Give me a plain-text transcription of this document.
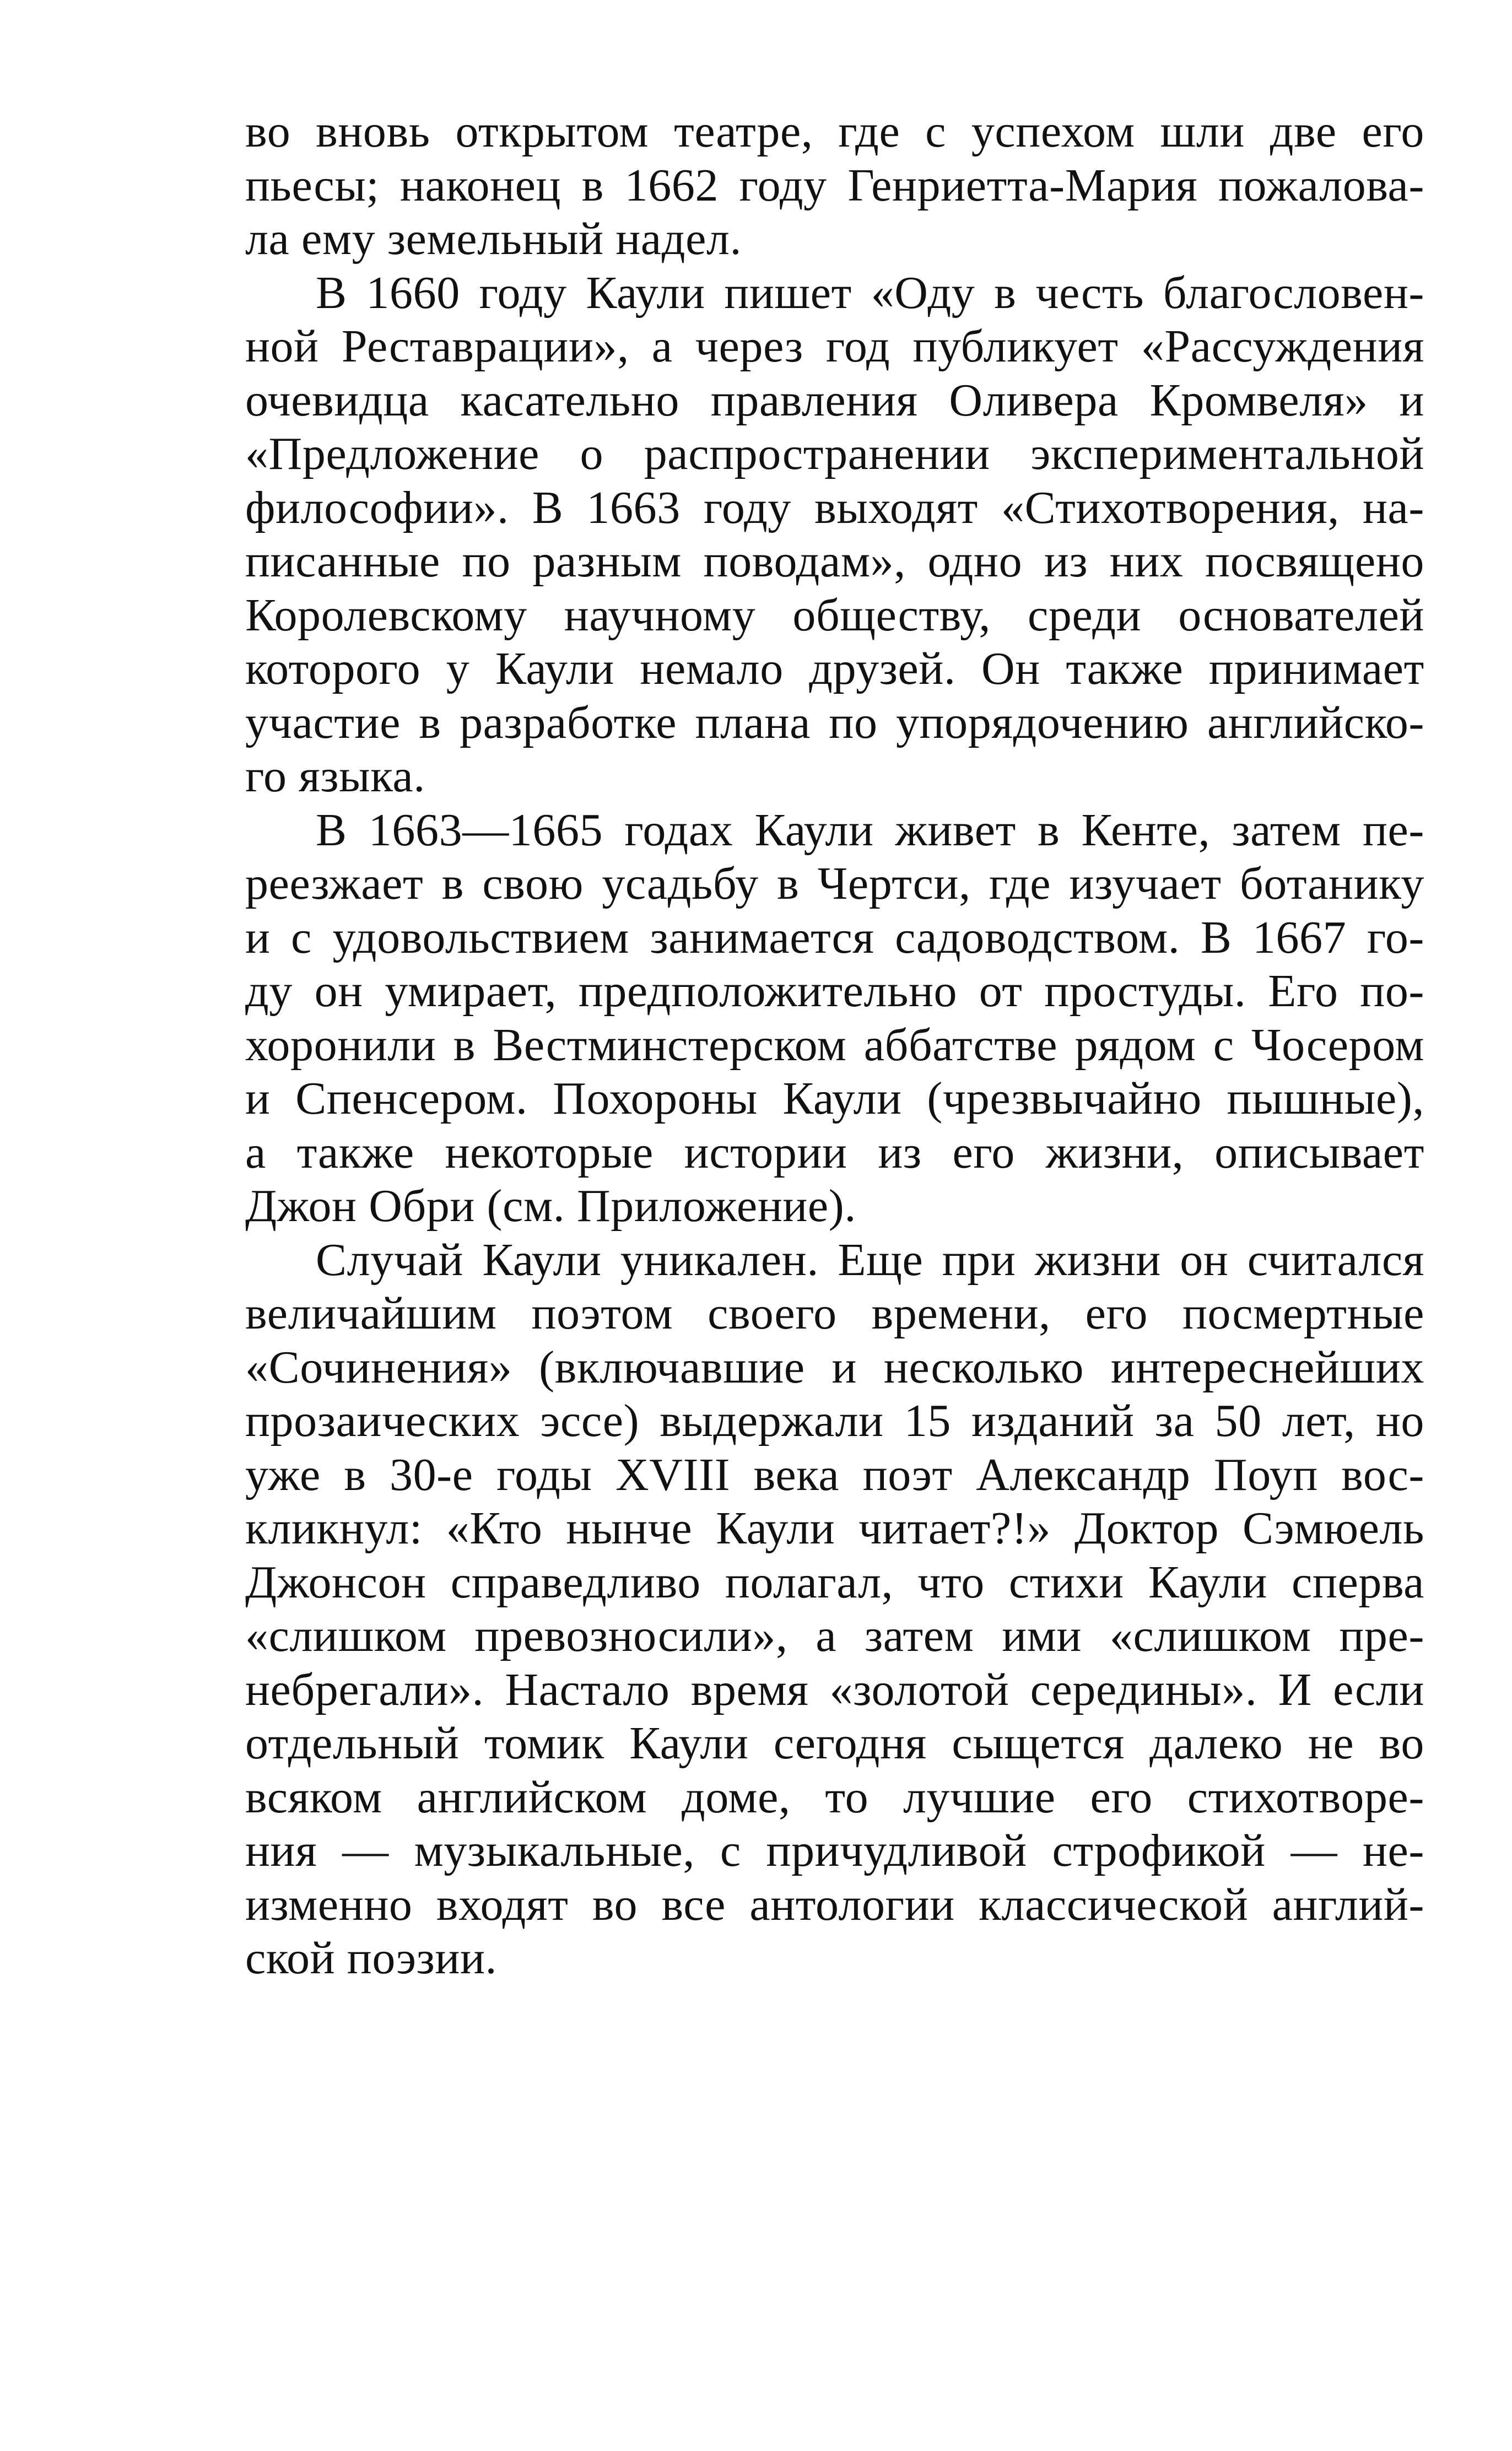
во вновь открытом театре, где с успехом шли две его
пьесы; наконец в 1662 году Генриетта-Мария пожалова-
ла ему земельный надел.
В 1660 году Каули пишет «Оду в честь благословен-
ной Реставрации», а через год публикует «Рассуждения
очевидца касательно правления Оливера Кромвеля» и
«Предложение о распространении экспериментальной
философии». В 1663 году выходят «Стихотворения, на-
писанные по разным поводам», одно из них посвящено
Королевскому научному обществу, среди основателей
которого у Каули немало друзей. Он также принимает
участие в разработке плана по упорядочению английско-
го языка.
В 1663—1665 годах Каули живет в Кенте, затем пе-
реезжает в свою усадьбу в Чертси, где изучает ботанику
и с удовольствием занимается садоводством. В 1667 го-
ду он умирает, предположительно от простуды. Его по-
хоронили в Вестминстерском аббатстве рядом с Чосером
и Спенсером. Похороны Каули (чрезвычайно пышные),
а также некоторые истории из его жизни, описывает
Джон Обри (см. Приложение).
Случай Каули уникален. Еще при жизни он считался
величайшим поэтом своего времени, его посмертные
«Сочинения» (включавшие и несколько интереснейших
прозаических эссе) выдержали 15 изданий за 50 лет, но
уже в 30-е годы XVIII века поэт Александр Поуп вос-
кликнул: «Кто нынче Каули читает?!» Доктор Сэмюель
Джонсон справедливо полагал, что стихи Каули сперва
«слишком превозносили», а затем ими «слишком пре-
небрегали». Настало время «золотой середины». И если
отдельный томик Каули сегодня сыщется далеко не во
всяком английском доме, то лучшие его стихотворе-
ния — музыкальные, с причудливой строфикой — не-
изменно входят во все антологии классической англий-
ской поэзии.
